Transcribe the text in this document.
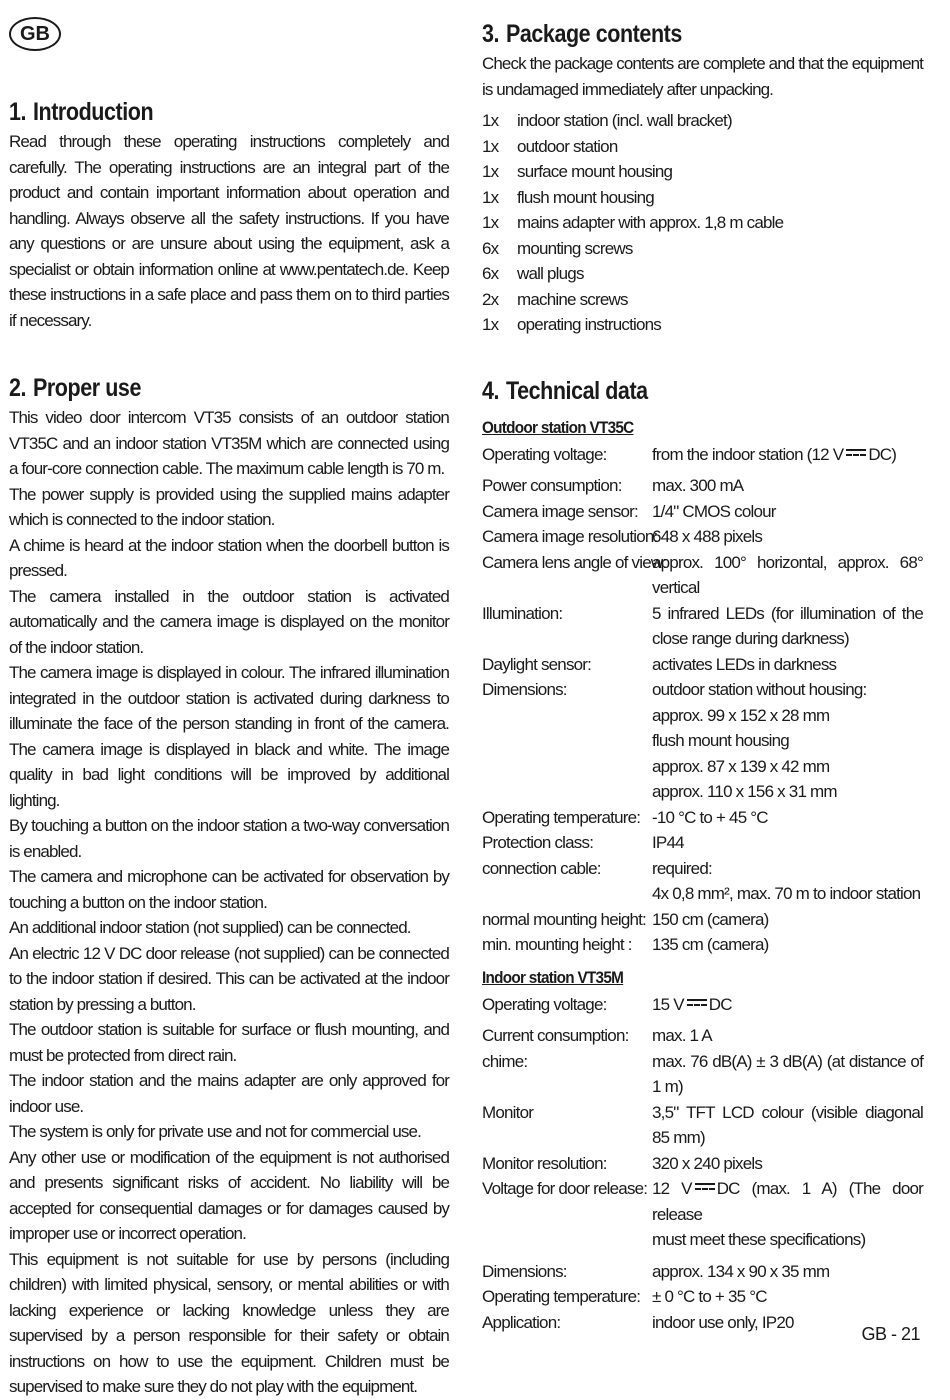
GB
1. Introduction

Read through these operating instructions completely and carefully. The operating instructions are an integral part of the product and contain important information about operation and handling. Always observe all the safety instructions. If you have any questions or are unsure about using the equipment, ask a specialist or obtain information online at www.pentatech.de. Keep these instructions in a safe place and pass them on to third parties if necessary.

2. Proper use

This video door intercom VT35 consists of an outdoor station VT35C and an indoor station VT35M which are connected using a four-core connection cable. The maximum cable length is 70 m.

The power supply is provided using the supplied mains adapter which is connected to the indoor station.

A chime is heard at the indoor station when the doorbell button is pressed.

The camera installed in the outdoor station is activated automatically and the camera image is displayed on the monitor of the indoor station.

The camera image is displayed in colour. The infrared illumination integrated in the outdoor station is activated during darkness to illuminate the face of the person standing in front of the camera. The camera image is displayed in black and white. The image quality in bad light conditions will be improved by additional lighting.

By touching a button on the indoor station a two-way conversation is enabled.

The camera and microphone can be activated for observation by touching a button on the indoor station.

An additional indoor station (not supplied) can be connected.

An electric 12 V DC door release (not supplied) can be connected to the indoor station if desired. This can be activated at the indoor station by pressing a button.

The outdoor station is suitable for surface or flush mounting, and must be protected from direct rain.

The indoor station and the mains adapter are only approved for indoor use.

The system is only for private use and not for commercial use.

Any other use or modification of the equipment is not authorised and presents significant risks of accident. No liability will be accepted for consequential damages or for damages caused by improper use or incorrect operation.

This equipment is not suitable for use by persons (including children) with limited physical, sensory, or mental abilities or with lacking experience or lacking knowledge unless they are supervised by a person responsible for their safety or obtain instructions on how to use the equipment. Children must be supervised to make sure they do not play with the equipment.

3. Package contents

Check the package contents are complete and that the equipment is undamaged immediately after unpacking.

1x	indoor station (incl. wall bracket)
1x	outdoor station
1x	surface mount housing
1x	flush mount housing
1x	mains adapter with approx. 1,8 m cable
6x	mounting screws
6x	wall plugs
2x	machine screws
1x	operating instructions
4. Technical data
Outdoor station VT35C
Operating voltage:	from the indoor station (12 V DC)
Power consumption:	max. 300 mA
Camera image sensor: 1/4" CMOS colour
Camera image resolution:
648 x 488 pixels
Camera lens angle of view:
approx. 100° horizontal, approx. 68° vertical
Illumination:	5 infrared LEDs (for illumination of the close range during darkness)
Daylight sensor:	activates LEDs in darkness
Dimensions:	outdoor station without housing:
approx. 99 x 152 x 28 mm
flush mount housing
approx. 87 x 139 x 42 mm
approx. 110 x 156 x 31 mm
Operating temperature: -10 °C to + 45 °C
Protection class:	IP44
connection cable:	required:
4x 0,8 mm², max. 70 m to indoor station
normal mounting height: 150 cm (camera)
min. mounting height :	135 cm (camera)
Indoor station VT35M
Operating voltage:	15 V DC
Current consumption:	max. 1 A
chime:	max. 76 dB(A) ± 3 dB(A) (at distance of 1 m)
Monitor	3,5" TFT LCD colour (visible diagonal 85 mm)
Monitor resolution:	320 x 240 pixels
Voltage for door release: 12 V DC (max. 1 A) (The door release
must meet these specifications)
Dimensions:	approx. 134 x 90 x 35 mm
Operating temperature: ± 0 °C to + 35 °C
Application:	indoor use only, IP20
GB - 21
